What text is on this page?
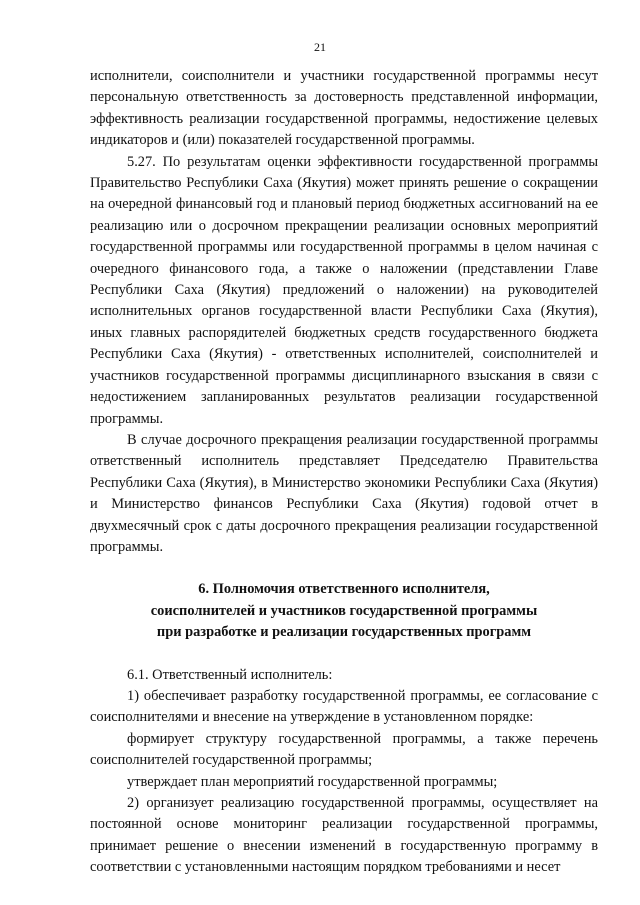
21

исполнители, соисполнители и участники государственной программы несут персональную ответственность за достоверность представленной информации, эффективность реализации государственной программы, недостижение целевых индикаторов и (или) показателей государственной программы.

5.27. По результатам оценки эффективности государственной программы Правительство Республики Саха (Якутия) может принять решение о сокращении на очередной финансовый год и плановый период бюджетных ассигнований на ее реализацию или о досрочном прекращении реализации основных мероприятий государственной программы или государственной программы в целом начиная с очередного финансового года, а также о наложении (представлении Главе Республики Саха (Якутия) предложений о наложении) на руководителей исполнительных органов государственной власти Республики Саха (Якутия), иных главных распорядителей бюджетных средств государственного бюджета Республики Саха (Якутия) - ответственных исполнителей, соисполнителей и участников государственной программы дисциплинарного взыскания в связи с недостижением запланированных результатов реализации государственной программы.

В случае досрочного прекращения реализации государственной программы ответственный исполнитель представляет Председателю Правительства Республики Саха (Якутия), в Министерство экономики Республики Саха (Якутия) и Министерство финансов Республики Саха (Якутия) годовой отчет в двухмесячный срок с даты досрочного прекращения реализации государственной программы.

6. Полномочия ответственного исполнителя,
соисполнителей и участников государственной программы
при разработке и реализации государственных программ

6.1. Ответственный исполнитель:

1) обеспечивает разработку государственной программы, ее согласование с соисполнителями и внесение на утверждение в установленном порядке:

формирует структуру государственной программы, а также перечень соисполнителей государственной программы;

утверждает план мероприятий государственной программы;

2) организует реализацию государственной программы, осуществляет на постоянной основе мониторинг реализации государственной программы, принимает решение о внесении изменений в государственную программу в соответствии с установленными настоящим порядком требованиями и несет
